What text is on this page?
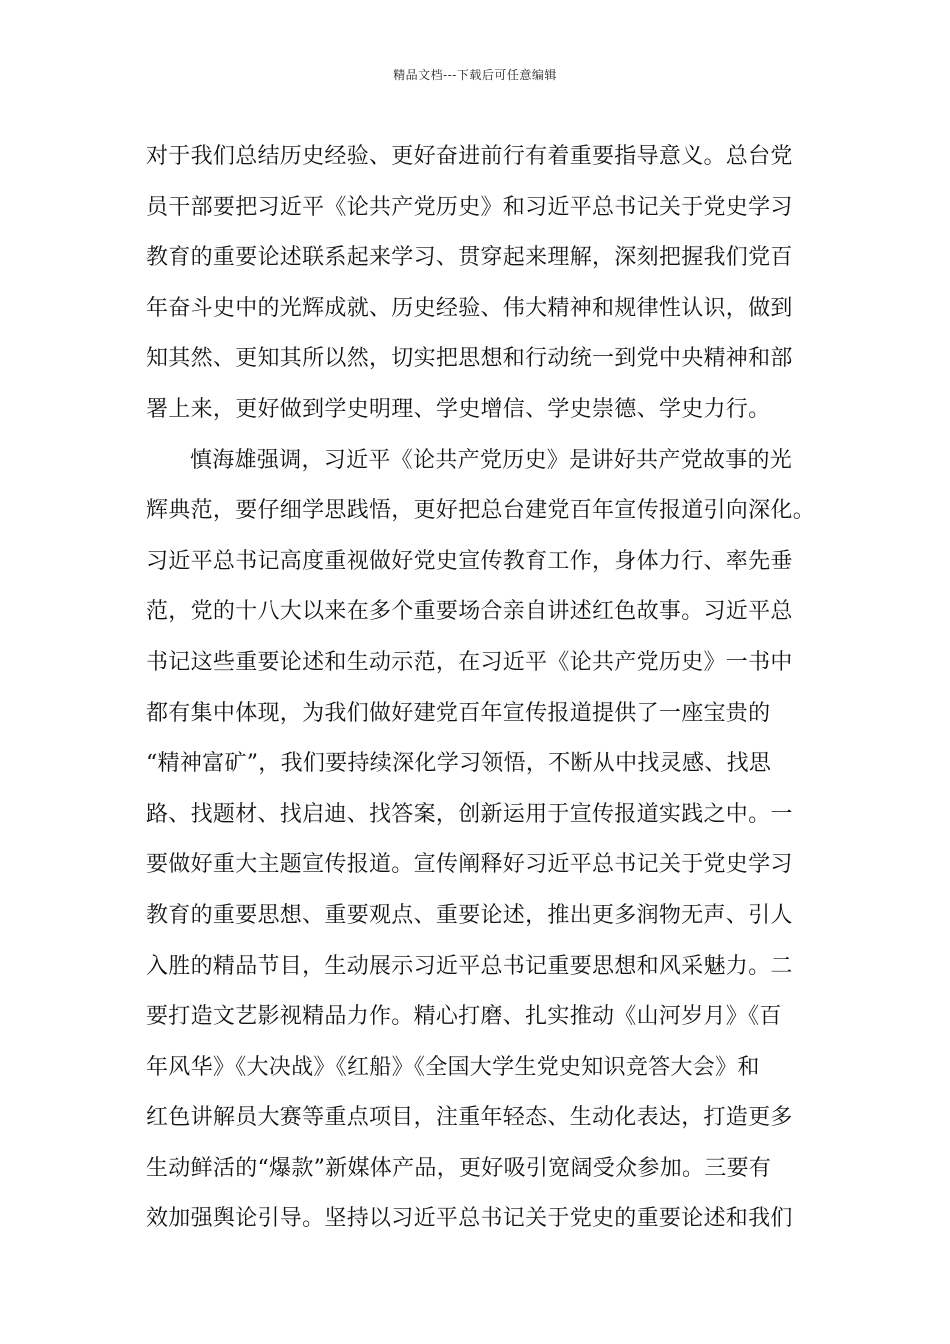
精品文档---下载后可任意编辑
对于我们总结历史经验、更好奋进前行有着重要指导意义。总台党
员干部要把习近平《论共产党历史》和习近平总书记关于党史学习
教育的重要论述联系起来学习、贯穿起来理解，深刻把握我们党百
年奋斗史中的光辉成就、历史经验、伟大精神和规律性认识，做到
知其然、更知其所以然，切实把思想和行动统一到党中央精神和部
署上来，更好做到学史明理、学史增信、学史崇德、学史力行。
慎海雄强调，习近平《论共产党历史》是讲好共产党故事的光
辉典范，要仔细学思践悟，更好把总台建党百年宣传报道引向深化。
习近平总书记高度重视做好党史宣传教育工作，身体力行、率先垂
范，党的十八大以来在多个重要场合亲自讲述红色故事。习近平总
书记这些重要论述和生动示范，在习近平《论共产党历史》一书中
都有集中体现，为我们做好建党百年宣传报道提供了一座宝贵的
“精神富矿”，我们要持续深化学习领悟，不断从中找灵感、找思
路、找题材、找启迪、找答案，创新运用于宣传报道实践之中。一
要做好重大主题宣传报道。宣传阐释好习近平总书记关于党史学习
教育的重要思想、重要观点、重要论述，推出更多润物无声、引人
入胜的精品节目，生动展示习近平总书记重要思想和风采魅力。二
要打造文艺影视精品力作。精心打磨、扎实推动《山河岁月》《百
年风华》《大决战》《红船》《全国大学生党史知识竞答大会》和
红色讲解员大赛等重点项目，注重年轻态、生动化表达，打造更多
生动鲜活的“爆款”新媒体产品，更好吸引宽阔受众参加。三要有
效加强舆论引导。坚持以习近平总书记关于党史的重要论述和我们
